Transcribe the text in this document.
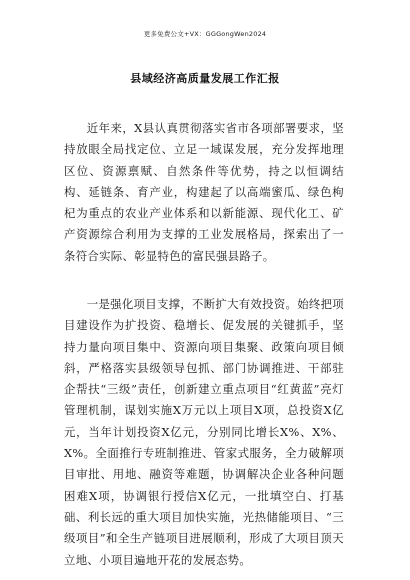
更多免费公文+VX：GGGongWen2024
县域经济高质量发展工作汇报

近年来，X县认真贯彻落实省市各项部署要求，坚持放眼全局找定位、立足一域谋发展，充分发挥地理区位、资源禀赋、自然条件等优势，持之以恒调结构、延链条、育产业，构建起了以高端蜜瓜、绿色枸杞为重点的农业产业体系和以新能源、现代化工、矿产资源综合利用为支撑的工业发展格局，探索出了一条符合实际、彰显特色的富民强县路子。

一是强化项目支撑，不断扩大有效投资。始终把项目建设作为扩投资、稳增长、促发展的关键抓手，坚持力量向项目集中、资源向项目集聚、政策向项目倾斜，严格落实县级领导包抓、部门协调推进、干部驻企帮扶“三级”责任，创新建立重点项目“红黄蓝”亮灯管理机制，谋划实施X万元以上项目X项，总投资X亿元，当年计划投资X亿元，分别同比增长X%、X%、X%。全面推行专班制推进、管家式服务，全力破解项目审批、用地、融资等难题，协调解决企业各种问题困难X项，协调银行授信X亿元，一批填空白、打基础、利长远的重大项目加快实施，光热储能项目、“三级项目”和全生产链项目进展顺利，形成了大项目顶天立地、小项目遍地开花的发展态势。
